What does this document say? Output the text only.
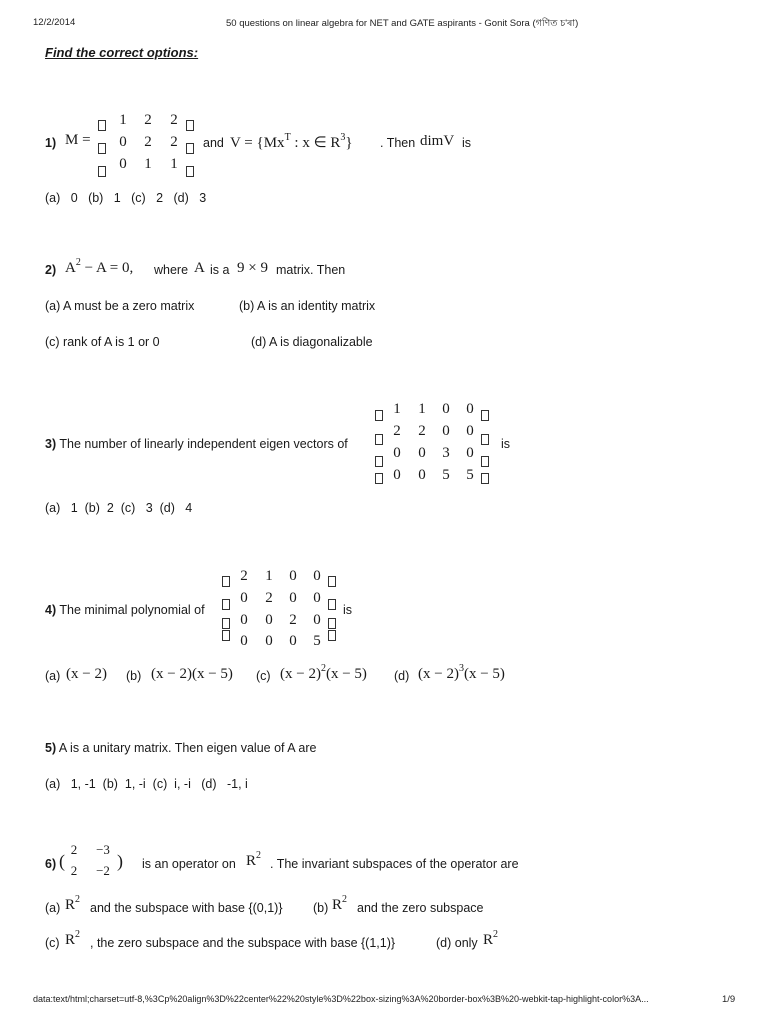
12/2/2014	50 questions on linear algebra for NET and GATE aspirants - Gonit Sora (গণিত চ'ৰা)
Find the correct options:
1) M =
1 2 2
0 2 2
0 1 1
and $V = \{Mx^T$ : x ∈ $R^3$} . Then dimV is
(a)   0   (b)   1   (c)   2   (d)   3
2) $A^2 - A = 0$, where A is a 9 × 9 matrix. Then
(a) A must be a zero matrix	(b) A is an identity matrix
(c) rank of A is 1 or 0	(d) A is diagonalizable
3) The number of linearly independent eigen vectors of
1 1 0 0
2 2 0 0
0 0 3 0
0 0 5 5
is
(a)   1  (b)  2  (c)   3  (d)   4
4) The minimal polynomial of
2 1 0 0
0 2 0 0
0 0 2 0
0 0 0 5
is
(a) (x − 2) (b) (x − 2)(x − 5) (c) $(x - 2)^2(x - 5)$ (d) $(x - 2)^3(x - 5)$
5) A is a unitary matrix. Then eigen value of A are
(a)   1, -1  (b)  1, -i  (c)  i, -i   (d)   -1, i
6) (
2 −3
2 −2 ) is an operator on $R^2$
. The invariant subspaces of the operator are
(a) $R^2$
and the subspace with base {(0,1)} (b) $R^2$
and the zero subspace
(c) $R^2$
, the zero subspace and the subspace with base {(1,1)}	(d) only $R^2$
data:text/html;charset=utf-8,%3Cp%20align%3D%22center%22%20style%3D%22box-sizing%3A%20border-box%3B%20-webkit-tap-highlight-color%3A...	1/9
